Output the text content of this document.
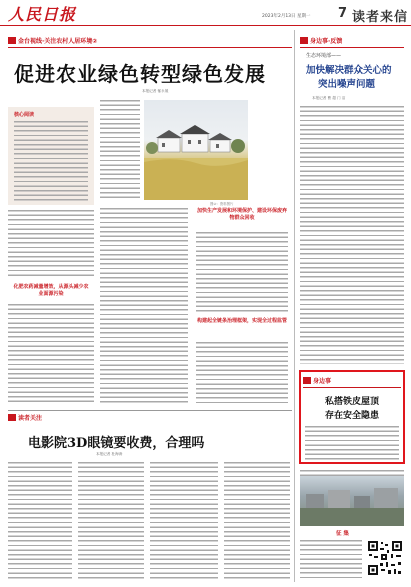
人民日报	2023年2月13日 星期一 7 读者来信
金台视线·关注农村人居环境②
促进农业绿色转型绿色发展
本报记者 郁永晟
核心阅读
图②：资料图片
化肥农药减量增效，从源头减少农业面源污染
加快生产发展和环境保护、建设环保废弃物群众回收
构建起全链条治理框架，实现全过程监管
身边事·反馈
生态环境部——
加快解决群众关心的
突出噪声问题
本报记者 曹 超 门 洁
身边事
私搭铁皮屋顶
存在安全隐患
读者关注
电影院3D眼镜要收费，合理吗
本报记者 杜海涛
征 集
